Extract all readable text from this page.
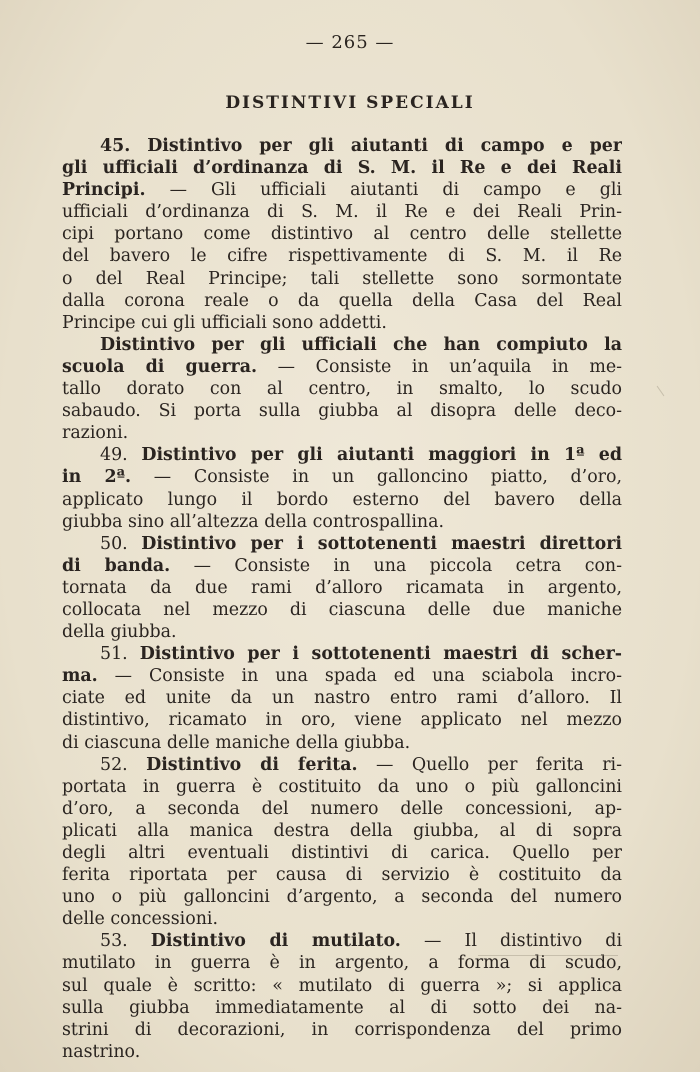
— 265 —
DISTINTIVI SPECIALI
45. Distintivo per gli aiutanti di campo e per
gli ufficiali d’ordinanza di S. M. il Re e dei Reali
Principi. — Gli ufficiali aiutanti di campo e gli
ufficiali d’ordinanza di S. M. il Re e dei Reali Prin-
cipi portano come distintivo al centro delle stellette
del bavero le cifre rispettivamente di S. M. il Re
o del Real Principe; tali stellette sono sormontate
dalla corona reale o da quella della Casa del Real
Principe cui gli ufficiali sono addetti.
Distintivo per gli ufficiali che han compiuto la
scuola di guerra. — Consiste in un’aquila in me-
tallo dorato con al centro, in smalto, lo scudo
sabaudo. Si porta sulla giubba al disopra delle deco-
razioni.
49. Distintivo per gli aiutanti maggiori in 1ª ed
in 2ª. — Consiste in un galloncino piatto, d’oro,
applicato lungo il bordo esterno del bavero della
giubba sino all’altezza della controspallina.
50. Distintivo per i sottotenenti maestri direttori
di banda. — Consiste in una piccola cetra con-
tornata da due rami d’alloro ricamata in argento,
collocata nel mezzo di ciascuna delle due maniche
della giubba.
51. Distintivo per i sottotenenti maestri di scher-
ma. — Consiste in una spada ed una sciabola incro-
ciate ed unite da un nastro entro rami d’alloro. Il
distintivo, ricamato in oro, viene applicato nel mezzo
di ciascuna delle maniche della giubba.
52. Distintivo di ferita. — Quello per ferita ri-
portata in guerra è costituito da uno o più galloncini
d’oro, a seconda del numero delle concessioni, ap-
plicati alla manica destra della giubba, al di sopra
degli altri eventuali distintivi di carica. Quello per
ferita riportata per causa di servizio è costituito da
uno o più galloncini d’argento, a seconda del numero
delle concessioni.
53. Distintivo di mutilato. — Il distintivo di
mutilato in guerra è in argento, a forma di scudo,
sul quale è scritto: « mutilato di guerra »; si applica
sulla giubba immediatamente al di sotto dei na-
strini di decorazioni, in corrispondenza del primo
nastrino.
